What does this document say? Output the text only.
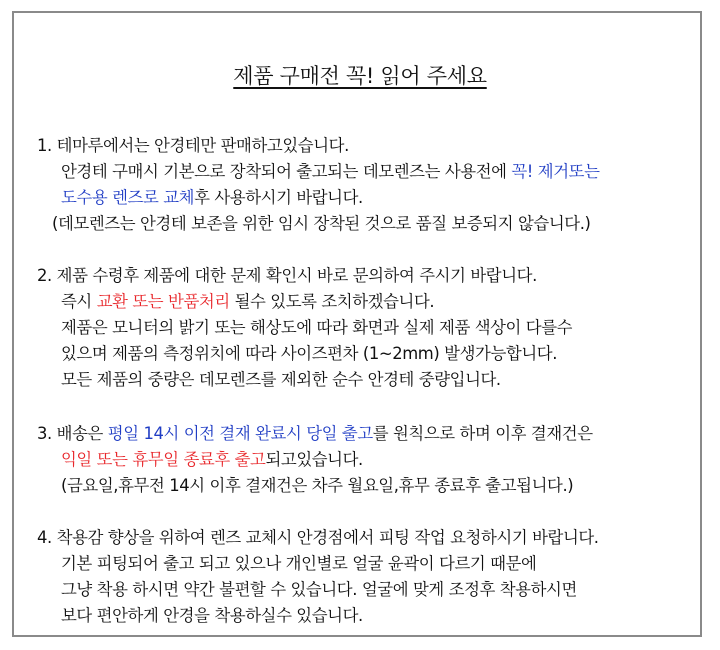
제품 구매전 꼭! 읽어 주세요
1. 테마루에서는 안경테만 판매하고있습니다.
안경테 구매시 기본으로 장착되어 출고되는 데모렌즈는 사용전에 꼭! 제거또는
도수용 렌즈로 교체후 사용하시기 바랍니다.
(데모렌즈는 안경테 보존을 위한 임시 장착된 것으로 품질 보증되지 않습니다.)
2. 제품 수령후 제품에 대한 문제 확인시 바로 문의하여 주시기 바랍니다.
즉시 교환 또는 반품처리 될수 있도록 조치하겠습니다.
제품은 모니터의 밝기 또는 해상도에 따라 화면과 실제 제품 색상이 다를수
있으며 제품의 측정위치에 따라 사이즈편차 (1~2mm) 발생가능합니다.
모든 제품의 중량은 데모렌즈를 제외한 순수 안경테 중량입니다.
3. 배송은 평일 14시 이전 결재 완료시 당일 출고를 원칙으로 하며 이후 결재건은
익일 또는 휴무일 종료후 출고되고있습니다.
(금요일,휴무전 14시 이후 결재건은 차주 월요일,휴무 종료후 출고됩니다.)
4. 착용감 향상을 위하여 렌즈 교체시 안경점에서 피팅 작업 요청하시기 바랍니다.
기본 피팅되어 출고 되고 있으나 개인별로 얼굴 윤곽이 다르기 때문에
그냥 착용 하시면 약간 불편할 수 있습니다. 얼굴에 맞게 조정후 착용하시면
보다 편안하게 안경을 착용하실수 있습니다.
